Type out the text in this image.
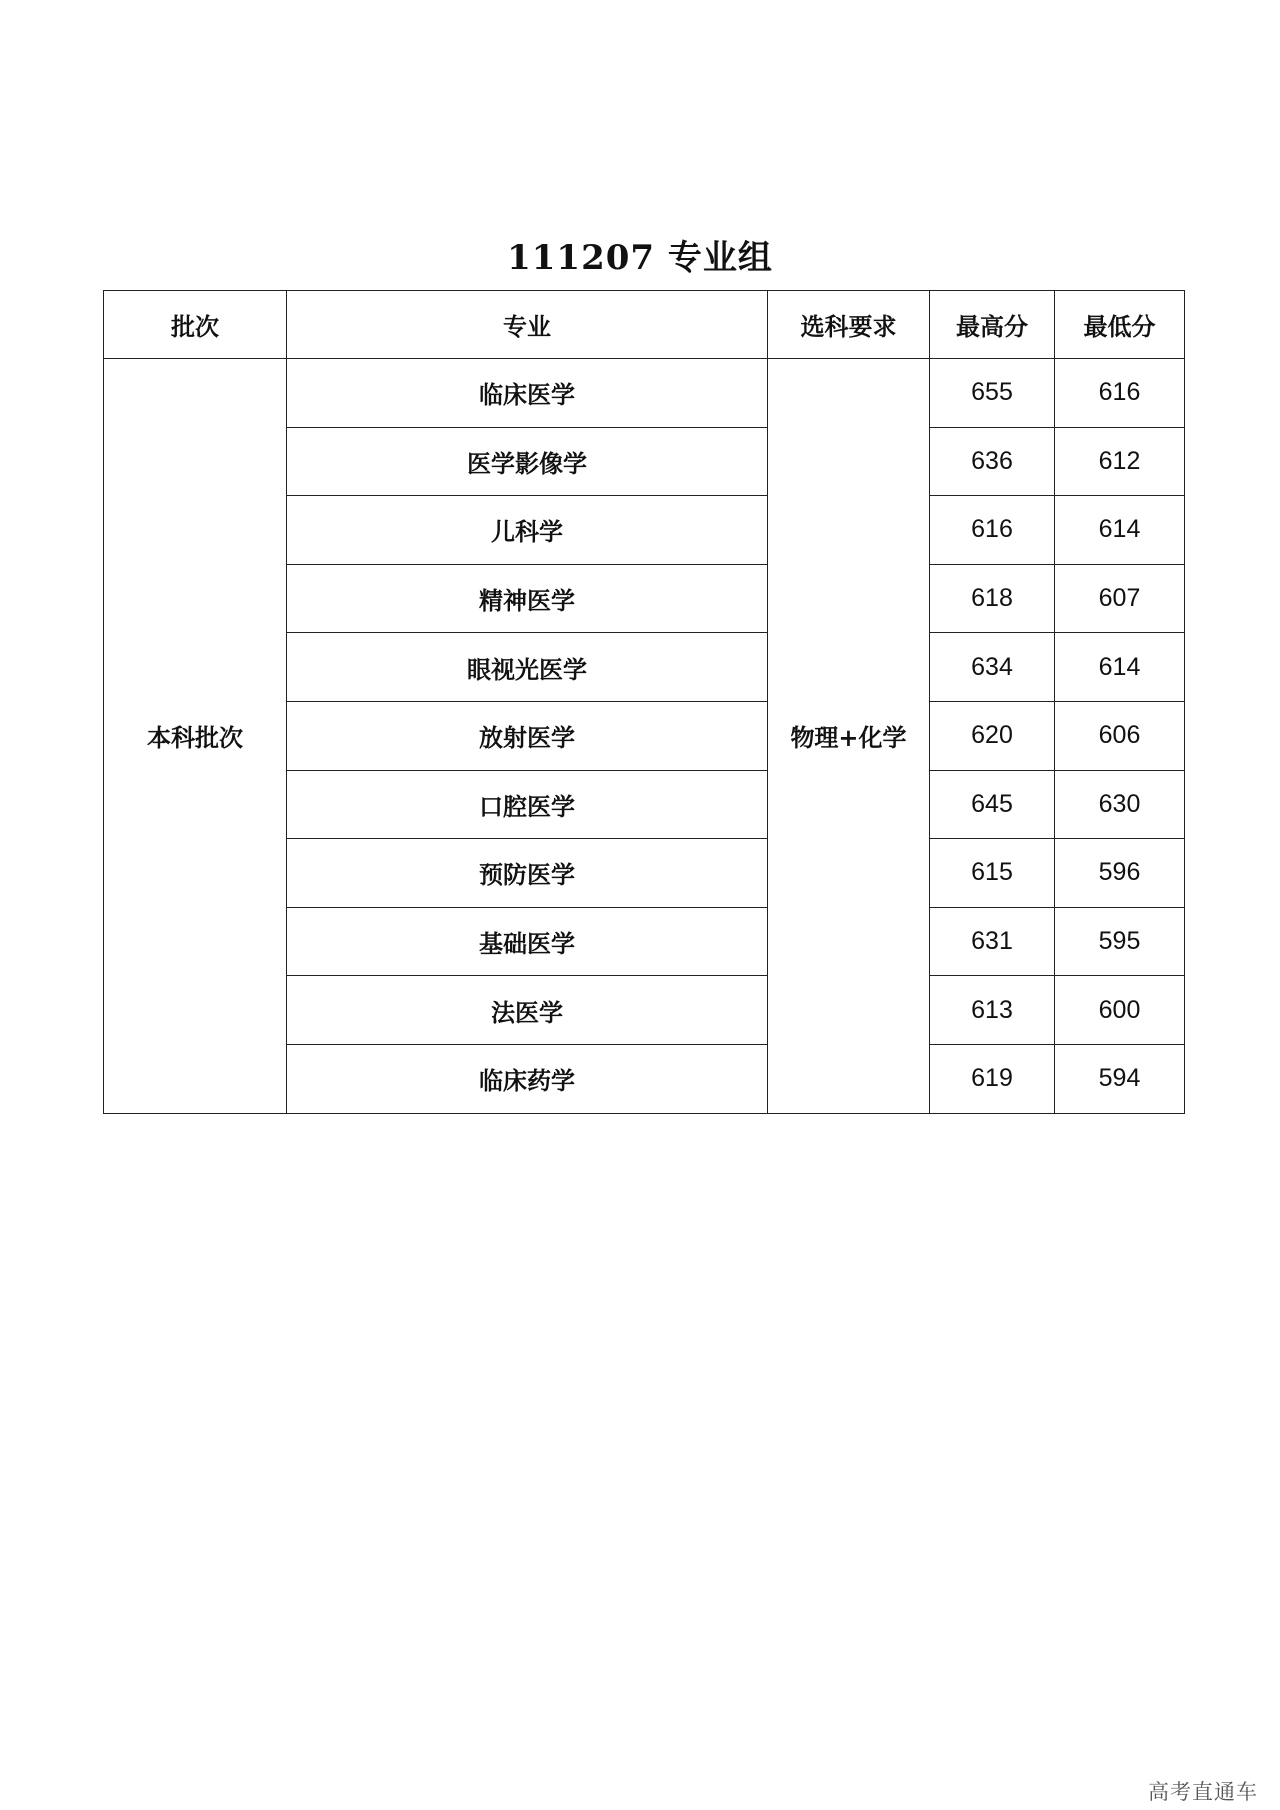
111207 专业组
批次	专业	选科要求	最高分	最低分
本科批次	临床医学	物理+化学	655	616
	医学影像学		636	612
	儿科学		616	614
	精神医学		618	607
	眼视光医学		634	614
	放射医学		620	606
	口腔医学		645	630
	预防医学		615	596
	基础医学		631	595
	法医学		613	600
	临床药学		619	594
高考直通车
